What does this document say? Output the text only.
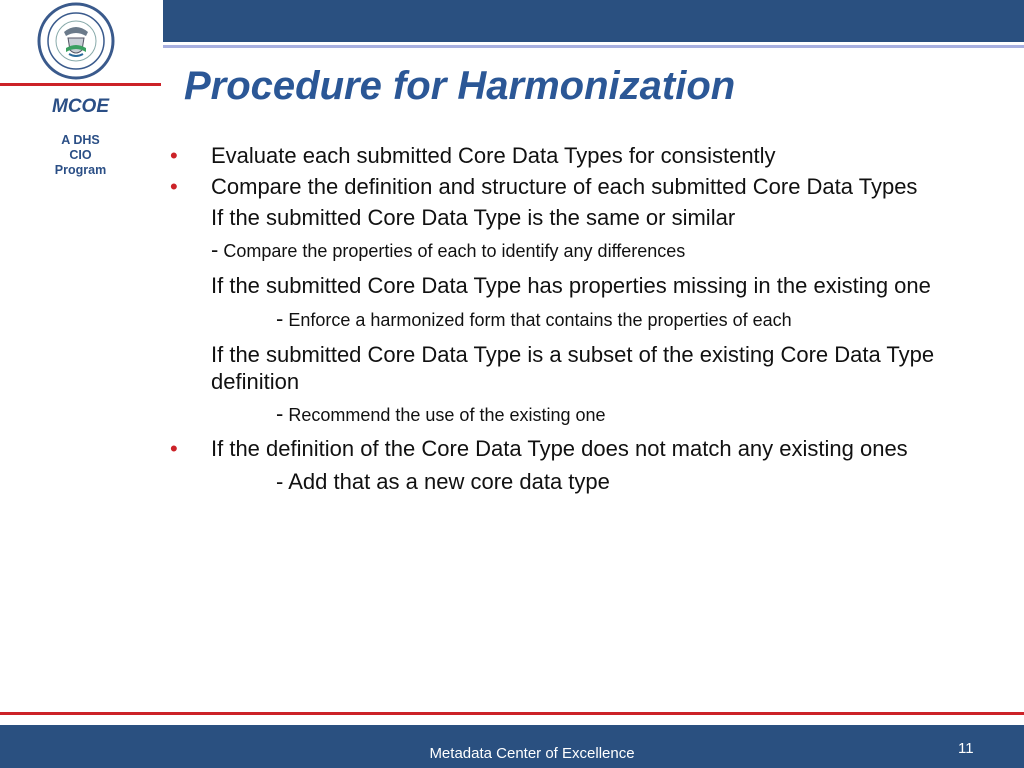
MCOE
A DHS
CIO
Program
Procedure for Harmonization
• Evaluate each submitted Core Data Types for consistently
• Compare the definition and structure of each submitted Core Data Types
If the submitted Core Data Type is the same or similar
- Compare the properties of each to identify any differences
If the submitted Core Data Type has properties missing in the existing one
- Enforce a harmonized form that contains the properties of each
If the submitted Core Data Type is a subset of the existing Core Data Type definition
- Recommend the use of the existing one
• If the definition of the Core Data Type does not match any existing ones
- Add that as a new core data type
Metadata Center of Excellence	11
